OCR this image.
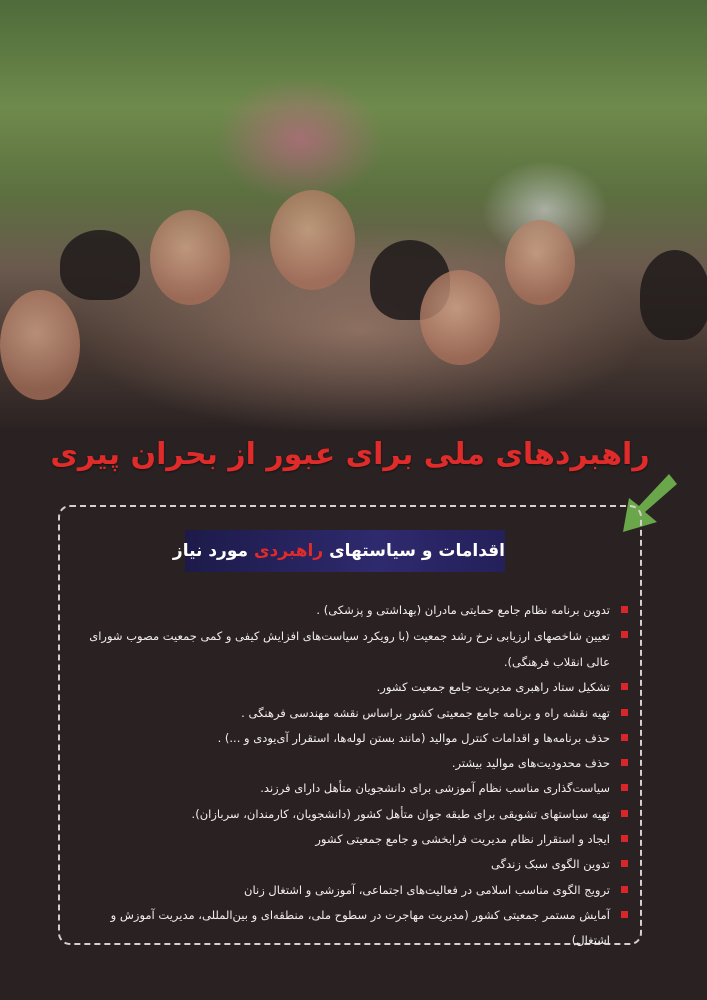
راهبردهای ملی برای عبور از بحران پیری
اقدامات و سیاستهای راهبردی مورد نیاز
تدوین برنامه نظام جامع حمایتی مادران (بهداشتی و پزشکی) .
تعیین شاخصهای ارزیابی نرخ رشد جمعیت (با رویکرد سیاست‌های افزایش کیفی و کمی جمعیت مصوب شورای عالی انقلاب فرهنگی).
تشکیل ستاد راهبری مدیریت جامع جمعیت کشور.
تهیه نقشه راه و برنامه جامع جمعیتی کشور براساس نقشه مهندسی فرهنگی .
حذف برنامه‌ها و اقدامات کنترل موالید (مانند بستن لوله‌ها، استقرار آی‌یو‌دی و ...) .
حذف محدودیت‌های موالید بیشتر.
سیاست‌گذاری مناسب نظام آموزشی برای دانشجویان متأهل دارای فرزند.
تهیه سیاستهای تشویقی برای طبقه جوان متأهل کشور (دانشجویان، کارمندان، سربازان).
ایجاد و استقرار نظام مدیریت فرابخشی و جامع جمعیتی کشور
تدوین الگوی سبک زندگی
ترویج الگوی مناسب اسلامی در فعالیت‌های اجتماعی، آموزشی و اشتغال زنان
آمایش مستمر جمعیتی کشور (مدیریت مهاجرت در سطوح ملی، منطقه‌ای و بین‌المللی، مدیریت آموزش و اشتغال)
